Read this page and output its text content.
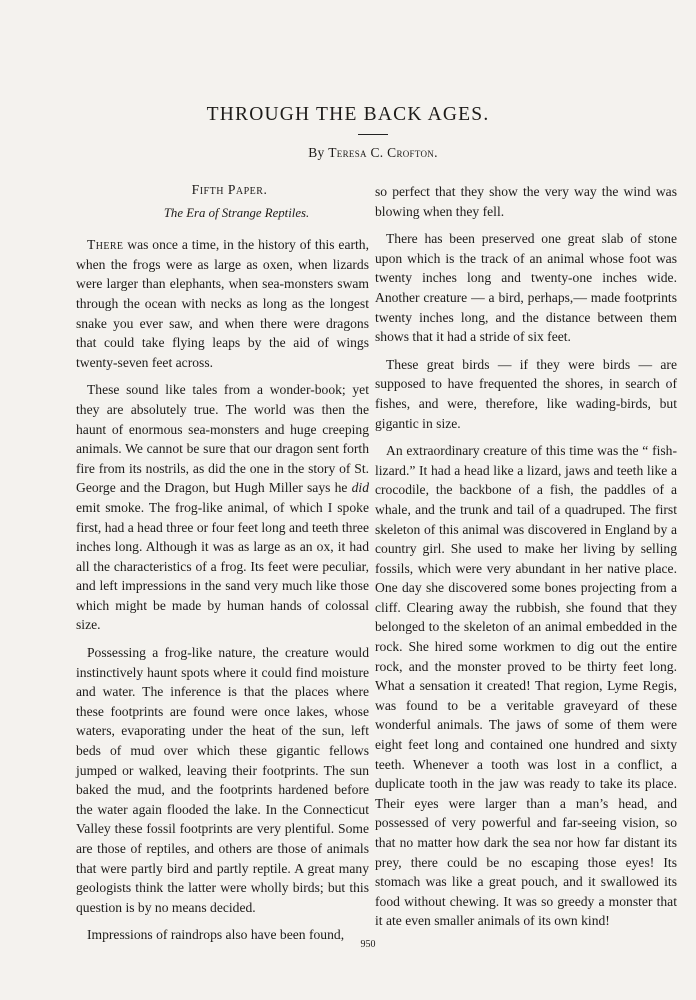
THROUGH THE BACK AGES.
By Teresa C. Crofton.

Fifth Paper.

The Era of Strange Reptiles.

There was once a time, in the history of this earth, when the frogs were as large as oxen, when lizards were larger than elephants, when sea-monsters swam through the ocean with necks as long as the longest snake you ever saw, and when there were dragons that could take flying leaps by the aid of wings twenty-seven feet across.

These sound like tales from a wonder-book; yet they are absolutely true. The world was then the haunt of enormous sea-monsters and huge creeping animals. We cannot be sure that our dragon sent forth fire from its nostrils, as did the one in the story of St. George and the Dragon, but Hugh Miller says he did emit smoke. The frog-like animal, of which I spoke first, had a head three or four feet long and teeth three inches long. Although it was as large as an ox, it had all the characteristics of a frog. Its feet were peculiar, and left impressions in the sand very much like those which might be made by human hands of colossal size.

Possessing a frog-like nature, the creature would instinctively haunt spots where it could find moisture and water. The inference is that the places where these footprints are found were once lakes, whose waters, evaporating under the heat of the sun, left beds of mud over which these gigantic fellows jumped or walked, leaving their footprints. The sun baked the mud, and the footprints hardened before the water again flooded the lake. In the Connecticut Valley these fossil footprints are very plentiful. Some are those of reptiles, and others are those of animals that were partly bird and partly reptile. A great many geologists think the latter were wholly birds; but this question is by no means decided.

Impressions of raindrops also have been found,

so perfect that they show the very way the wind was blowing when they fell.

There has been preserved one great slab of stone upon which is the track of an animal whose foot was twenty inches long and twenty-one inches wide. Another creature — a bird, perhaps,— made footprints twenty inches long, and the distance between them shows that it had a stride of six feet.

These great birds — if they were birds — are supposed to have frequented the shores, in search of fishes, and were, therefore, like wading-birds, but gigantic in size.

An extraordinary creature of this time was the “ fish-lizard.” It had a head like a lizard, jaws and teeth like a crocodile, the backbone of a fish, the paddles of a whale, and the trunk and tail of a quadruped. The first skeleton of this animal was discovered in England by a country girl. She used to make her living by selling fossils, which were very abundant in her native place. One day she discovered some bones projecting from a cliff. Clearing away the rubbish, she found that they belonged to the skeleton of an animal embedded in the rock. She hired some workmen to dig out the entire rock, and the monster proved to be thirty feet long. What a sensation it created! That region, Lyme Regis, was found to be a veritable graveyard of these wonderful animals. The jaws of some of them were eight feet long and contained one hundred and sixty teeth. Whenever a tooth was lost in a conflict, a duplicate tooth in the jaw was ready to take its place. Their eyes were larger than a man’s head, and possessed of very powerful and far-seeing vision, so that no matter how dark the sea nor how far distant its prey, there could be no escaping those eyes! Its stomach was like a great pouch, and it swallowed its food without chewing. It was so greedy a monster that it ate even smaller animals of its own kind!

950
